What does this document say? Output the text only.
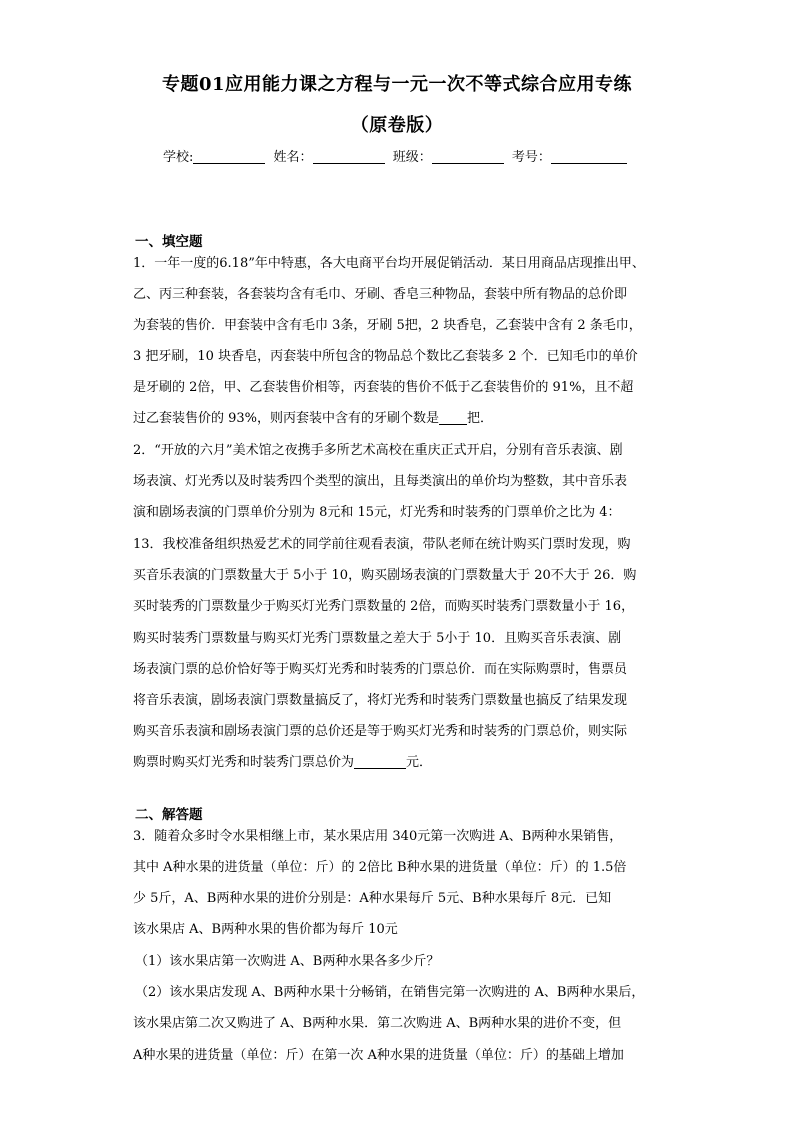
专题01应用能力课之方程与一元一次不等式综合应用专练
（原卷版）
学校:	姓名：	班级：	考号：
一、填空题
1．一年一度的6.18”年中特惠，各大电商平台均开展促销活动．某日用商品店现推出甲、
乙、丙三种套装，各套装均含有毛巾、牙刷、香皂三种物品，套装中所有物品的总价即
为套装的售价．甲套装中含有毛巾 3条，牙刷 5把，2 块香皂，乙套装中含有 2 条毛巾，
3 把牙刷，10 块香皂，丙套装中所包含的物品总个数比乙套装多 2 个．已知毛巾的单价
是牙刷的 2倍，甲、乙套装售价相等，丙套装的售价不低于乙套装售价的 91%，且不超
过乙套装售价的 93%，则丙套装中含有的牙刷个数是 把．
2．“开放的六月”美术馆之夜携手多所艺术高校在重庆正式开启，分别有音乐表演、剧
场表演、灯光秀以及时装秀四个类型的演出，且每类演出的单价均为整数，其中音乐表
演和剧场表演的门票单价分别为 8元和 15元，灯光秀和时装秀的门票单价之比为 4：
13．我校准备组织热爱艺术的同学前往观看表演，带队老师在统计购买门票时发现，购
买音乐表演的门票数量大于 5小于 10，购买剧场表演的门票数量大于 20不大于 26．购
买时装秀的门票数量少于购买灯光秀门票数量的 2倍，而购买时装秀门票数量小于 16，
购买时装秀门票数量与购买灯光秀门票数量之差大于 5小于 10．且购买音乐表演、剧
场表演门票的总价恰好等于购买灯光秀和时装秀的门票总价．而在实际购票时，售票员
将音乐表演，剧场表演门票数量搞反了，将灯光秀和时装秀门票数量也搞反了结果发现
购买音乐表演和剧场表演门票的总价还是等于购买灯光秀和时装秀的门票总价，则实际
购票时购买灯光秀和时装秀门票总价为	元．
二、解答题
3．随着众多时令水果相继上市，某水果店用 340元第一次购进 A、B两种水果销售，
其中 A种水果的进货量（单位：斤）的 2倍比 B种水果的进货量（单位：斤）的 1.5倍
少 5斤，A、B两种水果的进价分别是：A种水果每斤 5元、B种水果每斤 8元．已知
该水果店 A、B两种水果的售价都为每斤 10元
（1）该水果店第一次购进 A、B两种水果各多少斤？
（2）该水果店发现 A、B两种水果十分畅销，在销售完第一次购进的 A、B两种水果后，
该水果店第二次又购进了 A、B两种水果．第二次购进 A、B两种水果的进价不变，但
A种水果的进货量（单位：斤）在第一次 A种水果的进货量（单位：斤）的基础上增加
